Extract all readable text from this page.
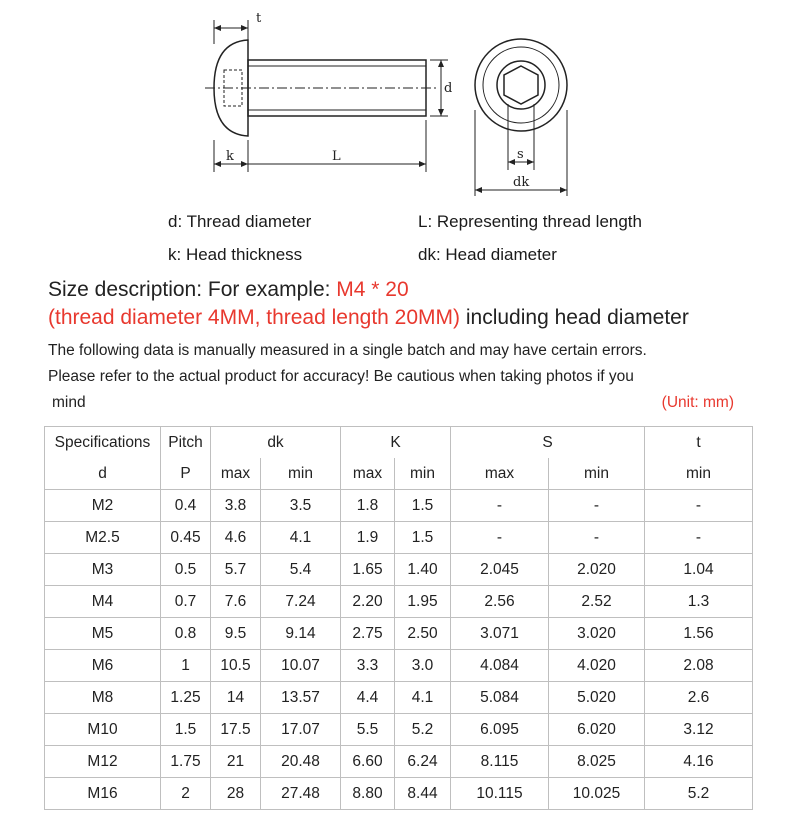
t
d
k	L	s
dk
d: Thread diameter	L: Representing thread length
k: Head thickness	dk: Head diameter
Size description: For example: M4 * 20
(thread diameter 4MM, thread length 20MM) including head diameter
The following data is manually measured in a single batch and may have certain errors.
Please refer to the actual product for accuracy! Be cautious when taking photos if you
mind	(Unit: mm)
Specifications	Pitch	dk		K		S		t
d	P	max	min	max	min	max	min	min
M2	0.4	3.8	3.5	1.8	1.5	-	-	-
M2.5	0.45	4.6	4.1	1.9	1.5	-	-	-
M3	0.5	5.7	5.4	1.65	1.40	2.045	2.020	1.04
M4	0.7	7.6	7.24	2.20	1.95	2.56	2.52	1.3
M5	0.8	9.5	9.14	2.75	2.50	3.071	3.020	1.56
M6	1	10.5	10.07	3.3	3.0	4.084	4.020	2.08
M8	1.25	14	13.57	4.4	4.1	5.084	5.020	2.6
M10	1.5	17.5	17.07	5.5	5.2	6.095	6.020	3.12
M12	1.75	21	20.48	6.60	6.24	8.115	8.025	4.16
M16	2	28	27.48	8.80	8.44	10.115	10.025	5.2
